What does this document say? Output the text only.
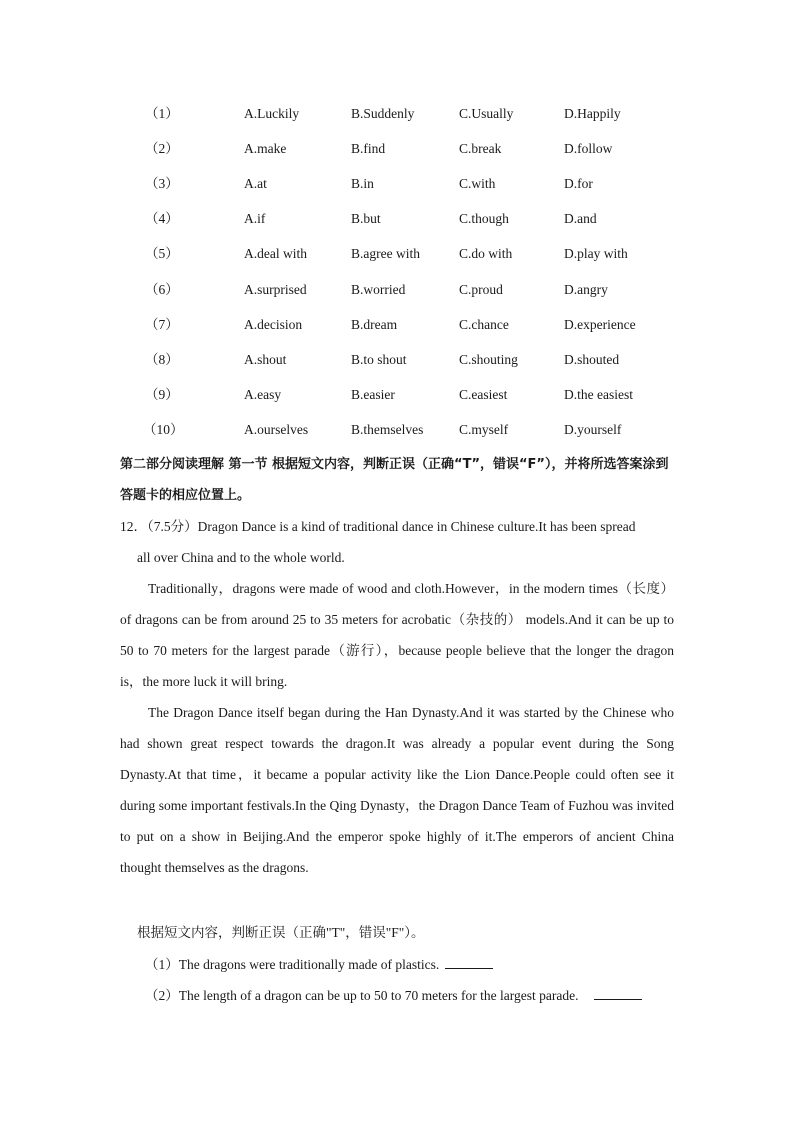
（1）	A.Luckily	B.Suddenly	C.Usually	D.Happily
（2）	A.make	B.find	C.break	D.follow
（3）	A.at	B.in	C.with	D.for
（4）	A.if	B.but	C.though	D.and
（5）	A.deal with	B.agree with	C.do with	D.play with
（6）	A.surprised	B.worried	C.proud	D.angry
（7）	A.decision	B.dream	C.chance	D.experience
（8）	A.shout	B.to shout	C.shouting	D.shouted
（9）	A.easy	B.easier	C.easiest	D.the easiest
（10）	A.ourselves	B.themselves	C.myself	D.yourself

第二部分阅读理解 第一节 根据短文内容，判断正误（正确“T”，错误“F”），并将所选答案涂到答题卡的相应位置上。

12．（7.5分）Dragon Dance is a kind of traditional dance in Chinese culture.It has been spread
all over China and to the whole world.

Traditionally，dragons were made of wood and cloth.However，in the modern times（长度）of dragons can be from around 25 to 35 meters for acrobatic（杂技的） models.And it can be up to 50 to 70 meters for the largest parade（游行），because people believe that the longer the dragon is，the more luck it will bring.

The Dragon Dance itself began during the Han Dynasty.And it was started by the Chinese who had shown great respect towards the dragon.It was already a popular event during the Song Dynasty.At that time，it became a popular activity like the Lion Dance.People could often see it during some important festivals.In the Qing Dynasty，the Dragon Dance Team of Fuzhou was invited to put on a show in Beijing.And the emperor spoke highly of it.The emperors of ancient China thought themselves as the dragons.

根据短文内容，判断正误（正确"T"，错误"F"）。

（1）The dragons were traditionally made of plastics.

（2）The length of a dragon can be up to 50 to 70 meters for the largest parade.
